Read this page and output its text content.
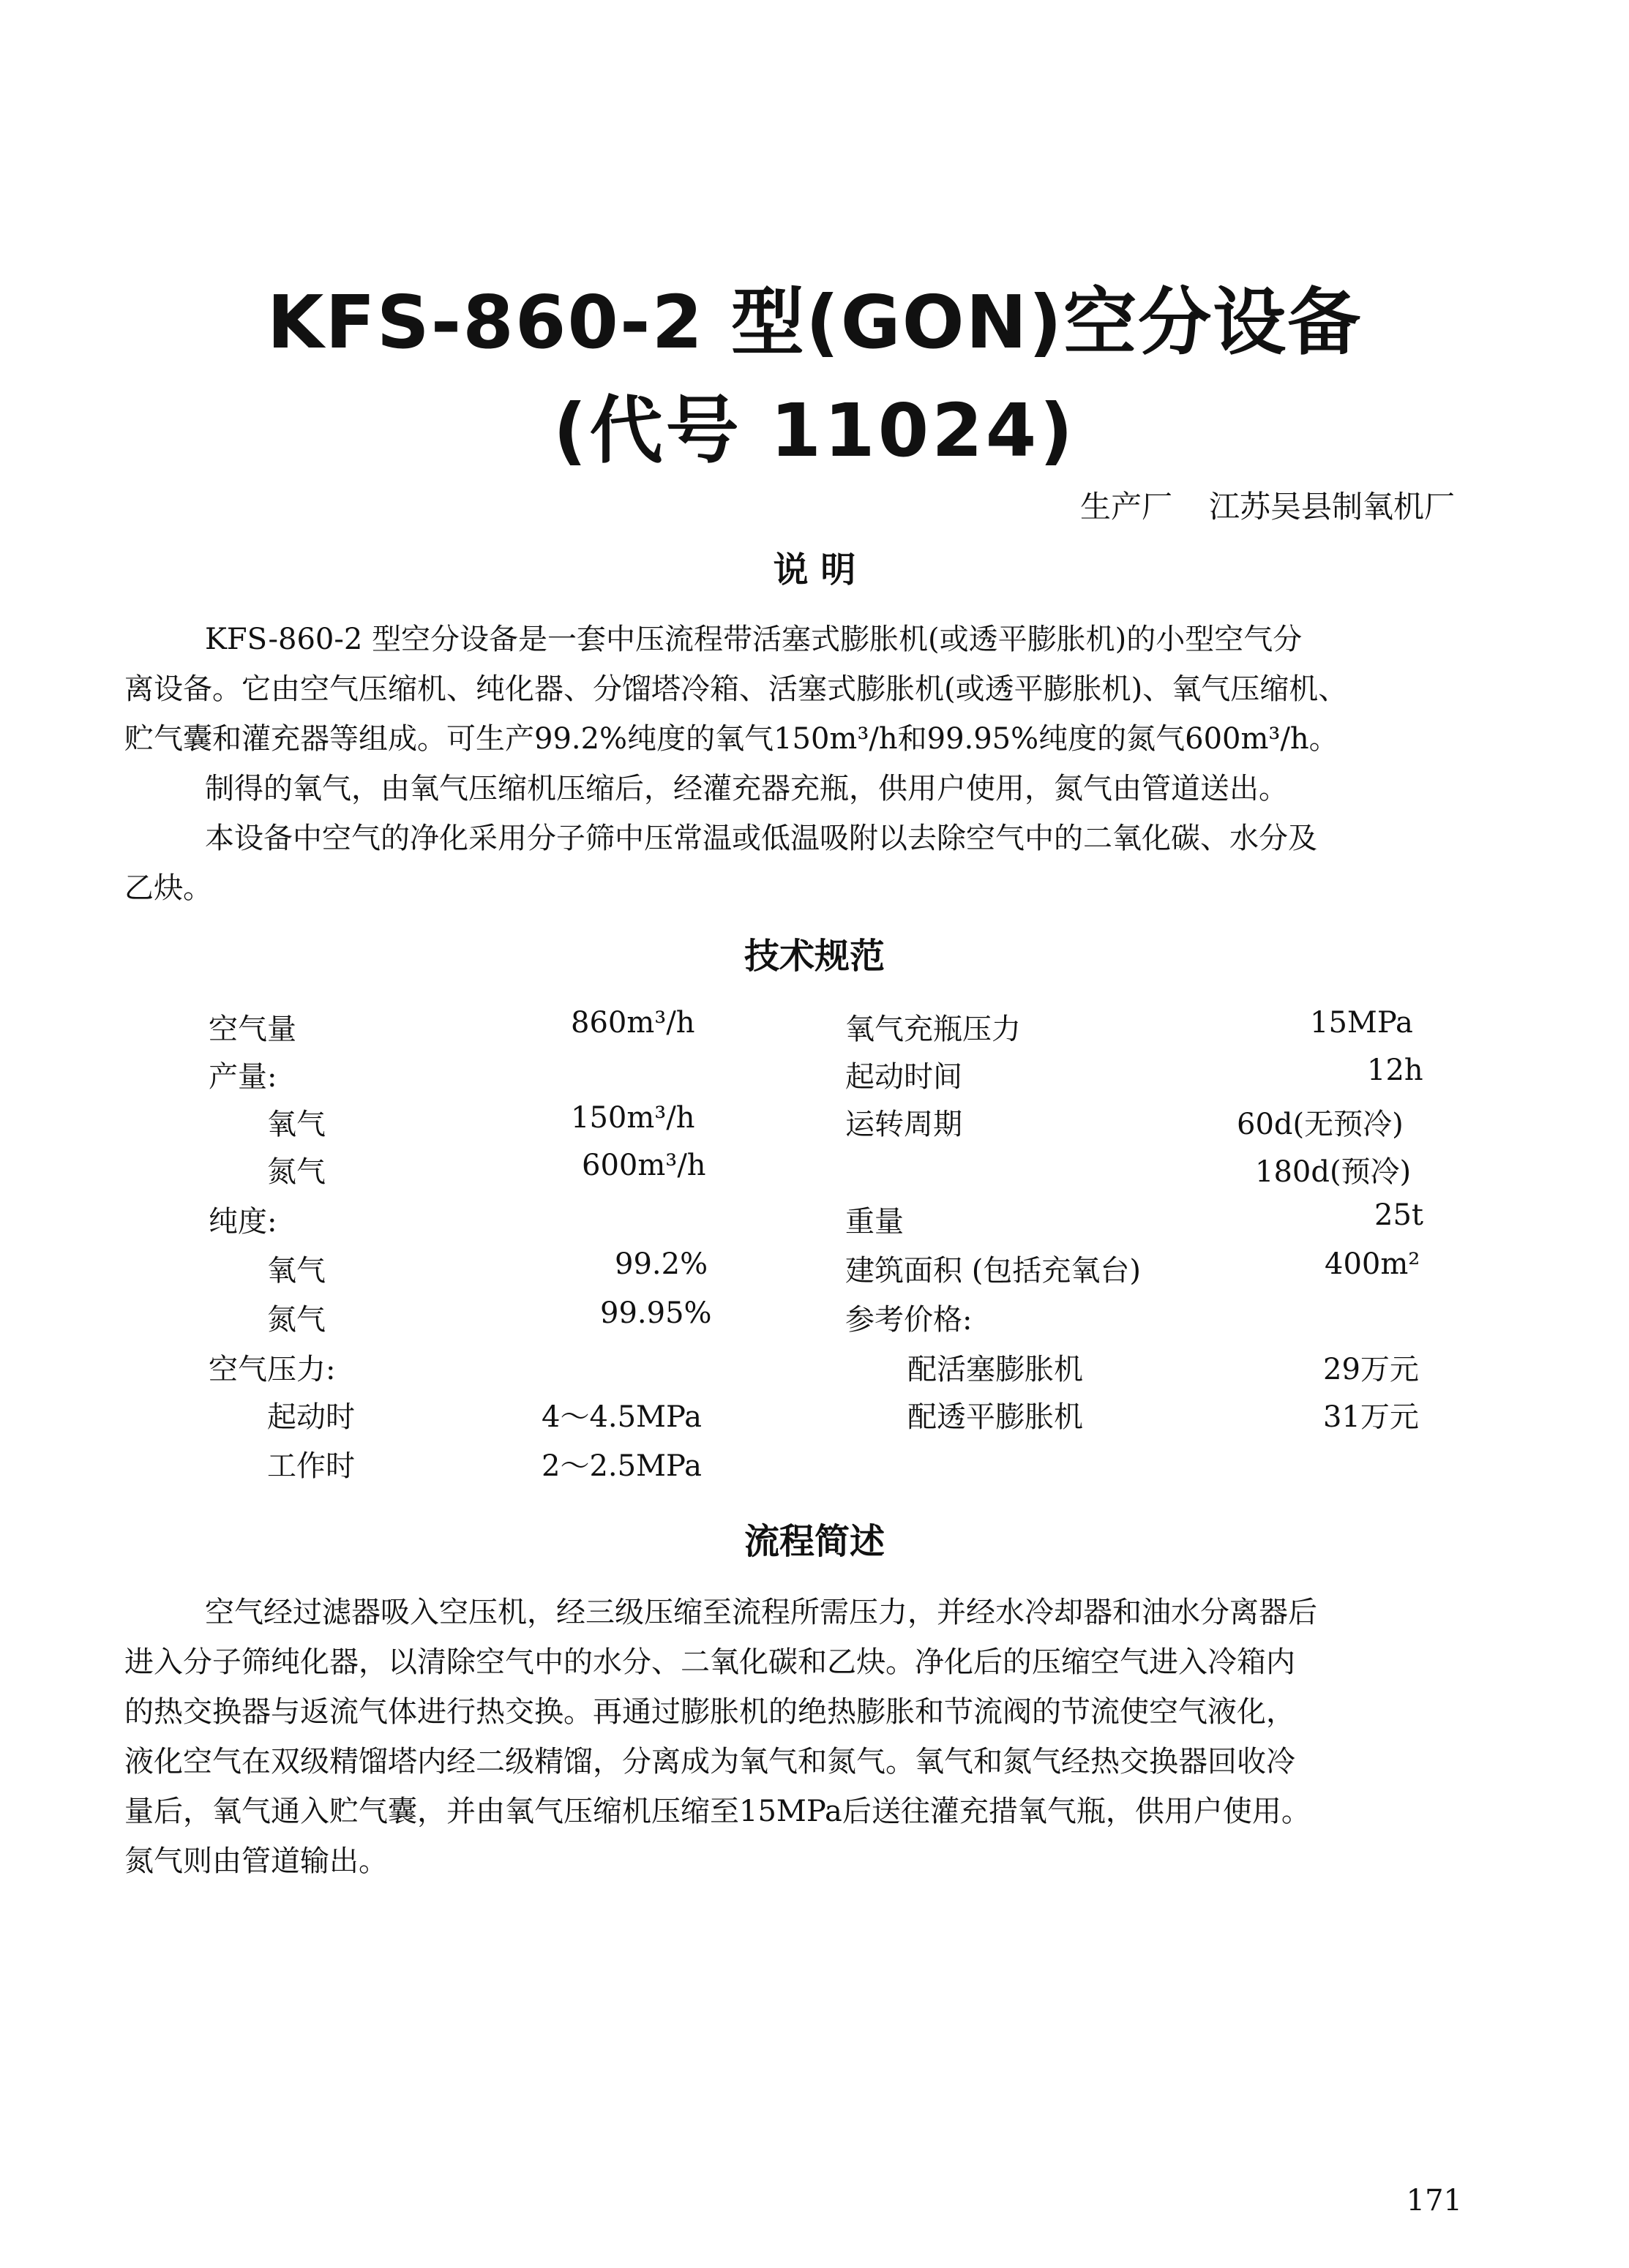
KFS-860-2 型(GON)空分设备
(代号 11024)
生产厂 江苏吴县制氧机厂
说 明
KFS-860-2 型空分设备是一套中压流程带活塞式膨胀机(或透平膨胀机)的小型空气分
离设备。它由空气压缩机、纯化器、分馏塔冷箱、活塞式膨胀机(或透平膨胀机)、氧气压缩机、
贮气囊和灌充器等组成。可生产99.2%纯度的氧气150m³/h和99.95%纯度的氮气600m³/h。
制得的氧气，由氧气压缩机压缩后，经灌充器充瓶，供用户使用，氮气由管道送出。
本设备中空气的净化采用分子筛中压常温或低温吸附以去除空气中的二氧化碳、水分及
乙炔。
技术规范
空气量	860m³/h
产量:
氧气	150m³/h
氮气	600m³/h
纯度:
氧气	99.2%
氮气	99.95%
空气压力:
起动时	4～4.5MPa
工作时	2～2.5MPa
氧气充瓶压力	15MPa
起动时间	12h
运转周期	60d(无预冷)
180d(预冷)
重量	25t
建筑面积 (包括充氧台)	400m²
参考价格:
配活塞膨胀机	29万元
配透平膨胀机	31万元
流程简述
空气经过滤器吸入空压机，经三级压缩至流程所需压力，并经水冷却器和油水分离器后
进入分子筛纯化器，以清除空气中的水分、二氧化碳和乙炔。净化后的压缩空气进入冷箱内
的热交换器与返流气体进行热交换。再通过膨胀机的绝热膨胀和节流阀的节流使空气液化，
液化空气在双级精馏塔内经二级精馏，分离成为氧气和氮气。氧气和氮气经热交换器回收冷
量后，氧气通入贮气囊，并由氧气压缩机压缩至15MPa后送往灌充措氧气瓶，供用户使用。
氮气则由管道输出。
171
